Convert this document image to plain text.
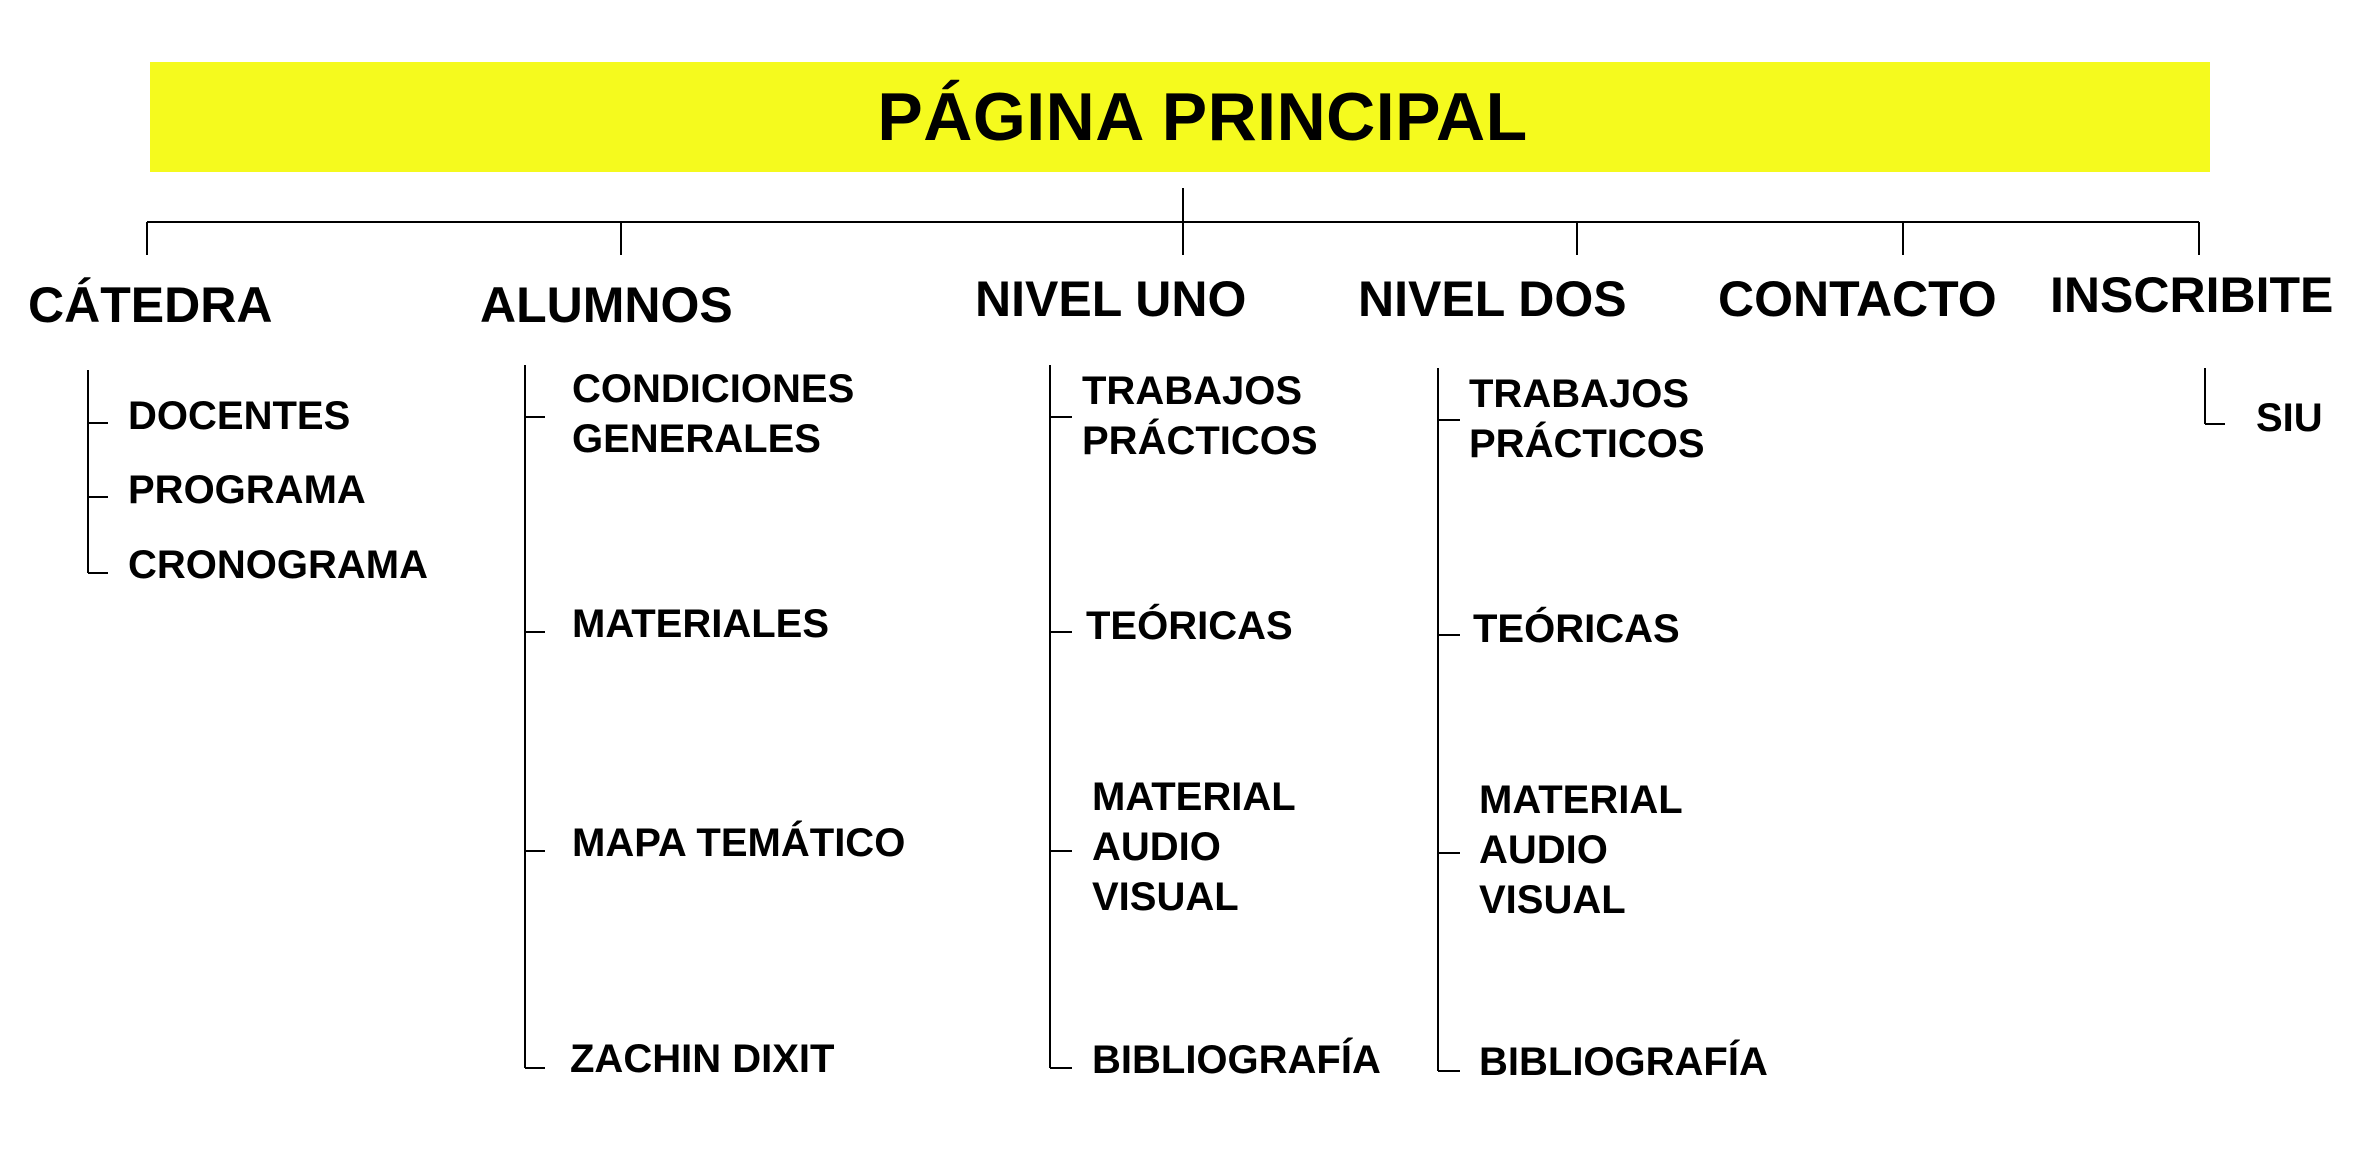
PÁGINA PRINCIPAL
CÁTEDRA	ALUMNOS	NIVEL UNO NIVEL DOS CONTACTO INSCRIBITE
DOCENTES
PROGRAMA
CRONOGRAMA
CONDICIONES
GENERALES
MATERIALES
MAPA TEMÁTICO
ZACHIN DIXIT
TRABAJOS
PRÁCTICOS
TEÓRICAS
MATERIAL
AUDIO
VISUAL
BIBLIOGRAFÍA
TRABAJOS
PRÁCTICOS
TEÓRICAS
MATERIAL
AUDIO
VISUAL
BIBLIOGRAFÍA
SIU
